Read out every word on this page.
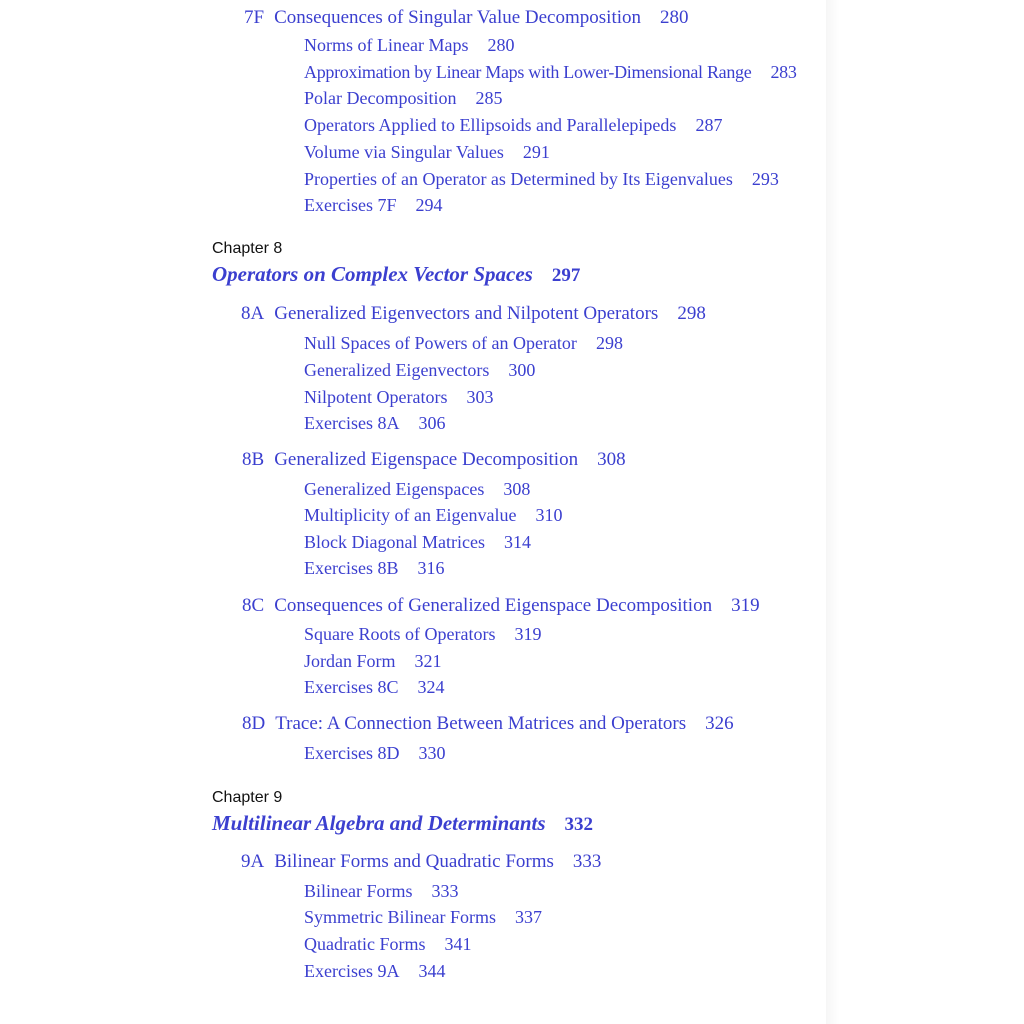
7F Consequences of Singular Value Decomposition 280
Norms of Linear Maps 280
Approximation by Linear Maps with Lower-Dimensional Range 283
Polar Decomposition 285
Operators Applied to Ellipsoids and Parallelepipeds 287
Volume via Singular Values 291
Properties of an Operator as Determined by Its Eigenvalues 293
Exercises 7F 294
Chapter 8
Operators on Complex Vector Spaces 297
8A Generalized Eigenvectors and Nilpotent Operators 298
Null Spaces of Powers of an Operator 298
Generalized Eigenvectors 300
Nilpotent Operators 303
Exercises 8A 306
8B Generalized Eigenspace Decomposition 308
Generalized Eigenspaces 308
Multiplicity of an Eigenvalue 310
Block Diagonal Matrices 314
Exercises 8B 316
8C Consequences of Generalized Eigenspace Decomposition 319
Square Roots of Operators 319
Jordan Form 321
Exercises 8C 324
8D Trace: A Connection Between Matrices and Operators 326
Exercises 8D 330
Chapter 9
Multilinear Algebra and Determinants 332
9A Bilinear Forms and Quadratic Forms 333
Bilinear Forms 333
Symmetric Bilinear Forms 337
Quadratic Forms 341
Exercises 9A 344
